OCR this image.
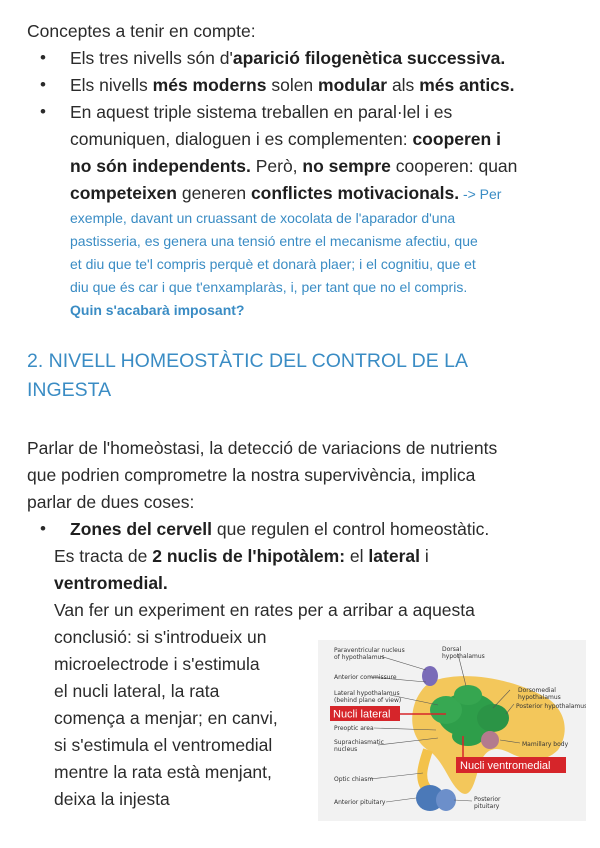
Conceptes a tenir en compte:
• Els tres nivells són d'aparició filogenètica successiva.
• Els nivells més moderns solen modular als més antics.
• En aquest triple sistema treballen en paral·lel i es
comuniquen, dialoguen i es complementen: cooperen i
no són independents. Però, no sempre cooperen: quan
competeixen generen conflictes motivacionals. -> Per
exemple, davant un cruassant de xocolata de l'aparador d'una
pastisseria, es genera una tensió entre el mecanisme afectiu, que
et diu que te'l compris perquè et donarà plaer; i el cognitiu, que et
diu que és car i que t'enxamplaràs, i, per tant que no el compris.
Quin s'acabarà imposant?
2. NIVELL HOMEOSTÀTIC DEL CONTROL DE LA
INGESTA
Parlar de l'homeòstasi, la detecció de variacions de nutrients
que podrien comprometre la nostra supervivència, implica
parlar de dues coses:
• Zones del cervell que regulen el control homeostàtic.
Es tracta de 2 nuclis de l'hipotàlem: el lateral i
ventromedial.
Van fer un experiment en rates per a arribar a aquesta
conclusió: si s'introdueix un
microelectrode i s'estimula
el nucli lateral, la rata
comença a menjar; en canvi,
si s'estimula el ventromedial
mentre la rata està menjant,
deixa la injesta
Paraventricular nucleus
of hypothalamus
Dorsal
hypothalamus
Anterior commissure
Lateral hypothalamus
(behind plane of view)
Dorsomedial
hypothalamus
Posterior hypothalamus
Preoptic area
Suprachiasmatic
nucleus
Mamillary body
Optic chiasm
Anterior pituitary	Posterior
pituitary
Nucli lateral
Nucli ventromedial
